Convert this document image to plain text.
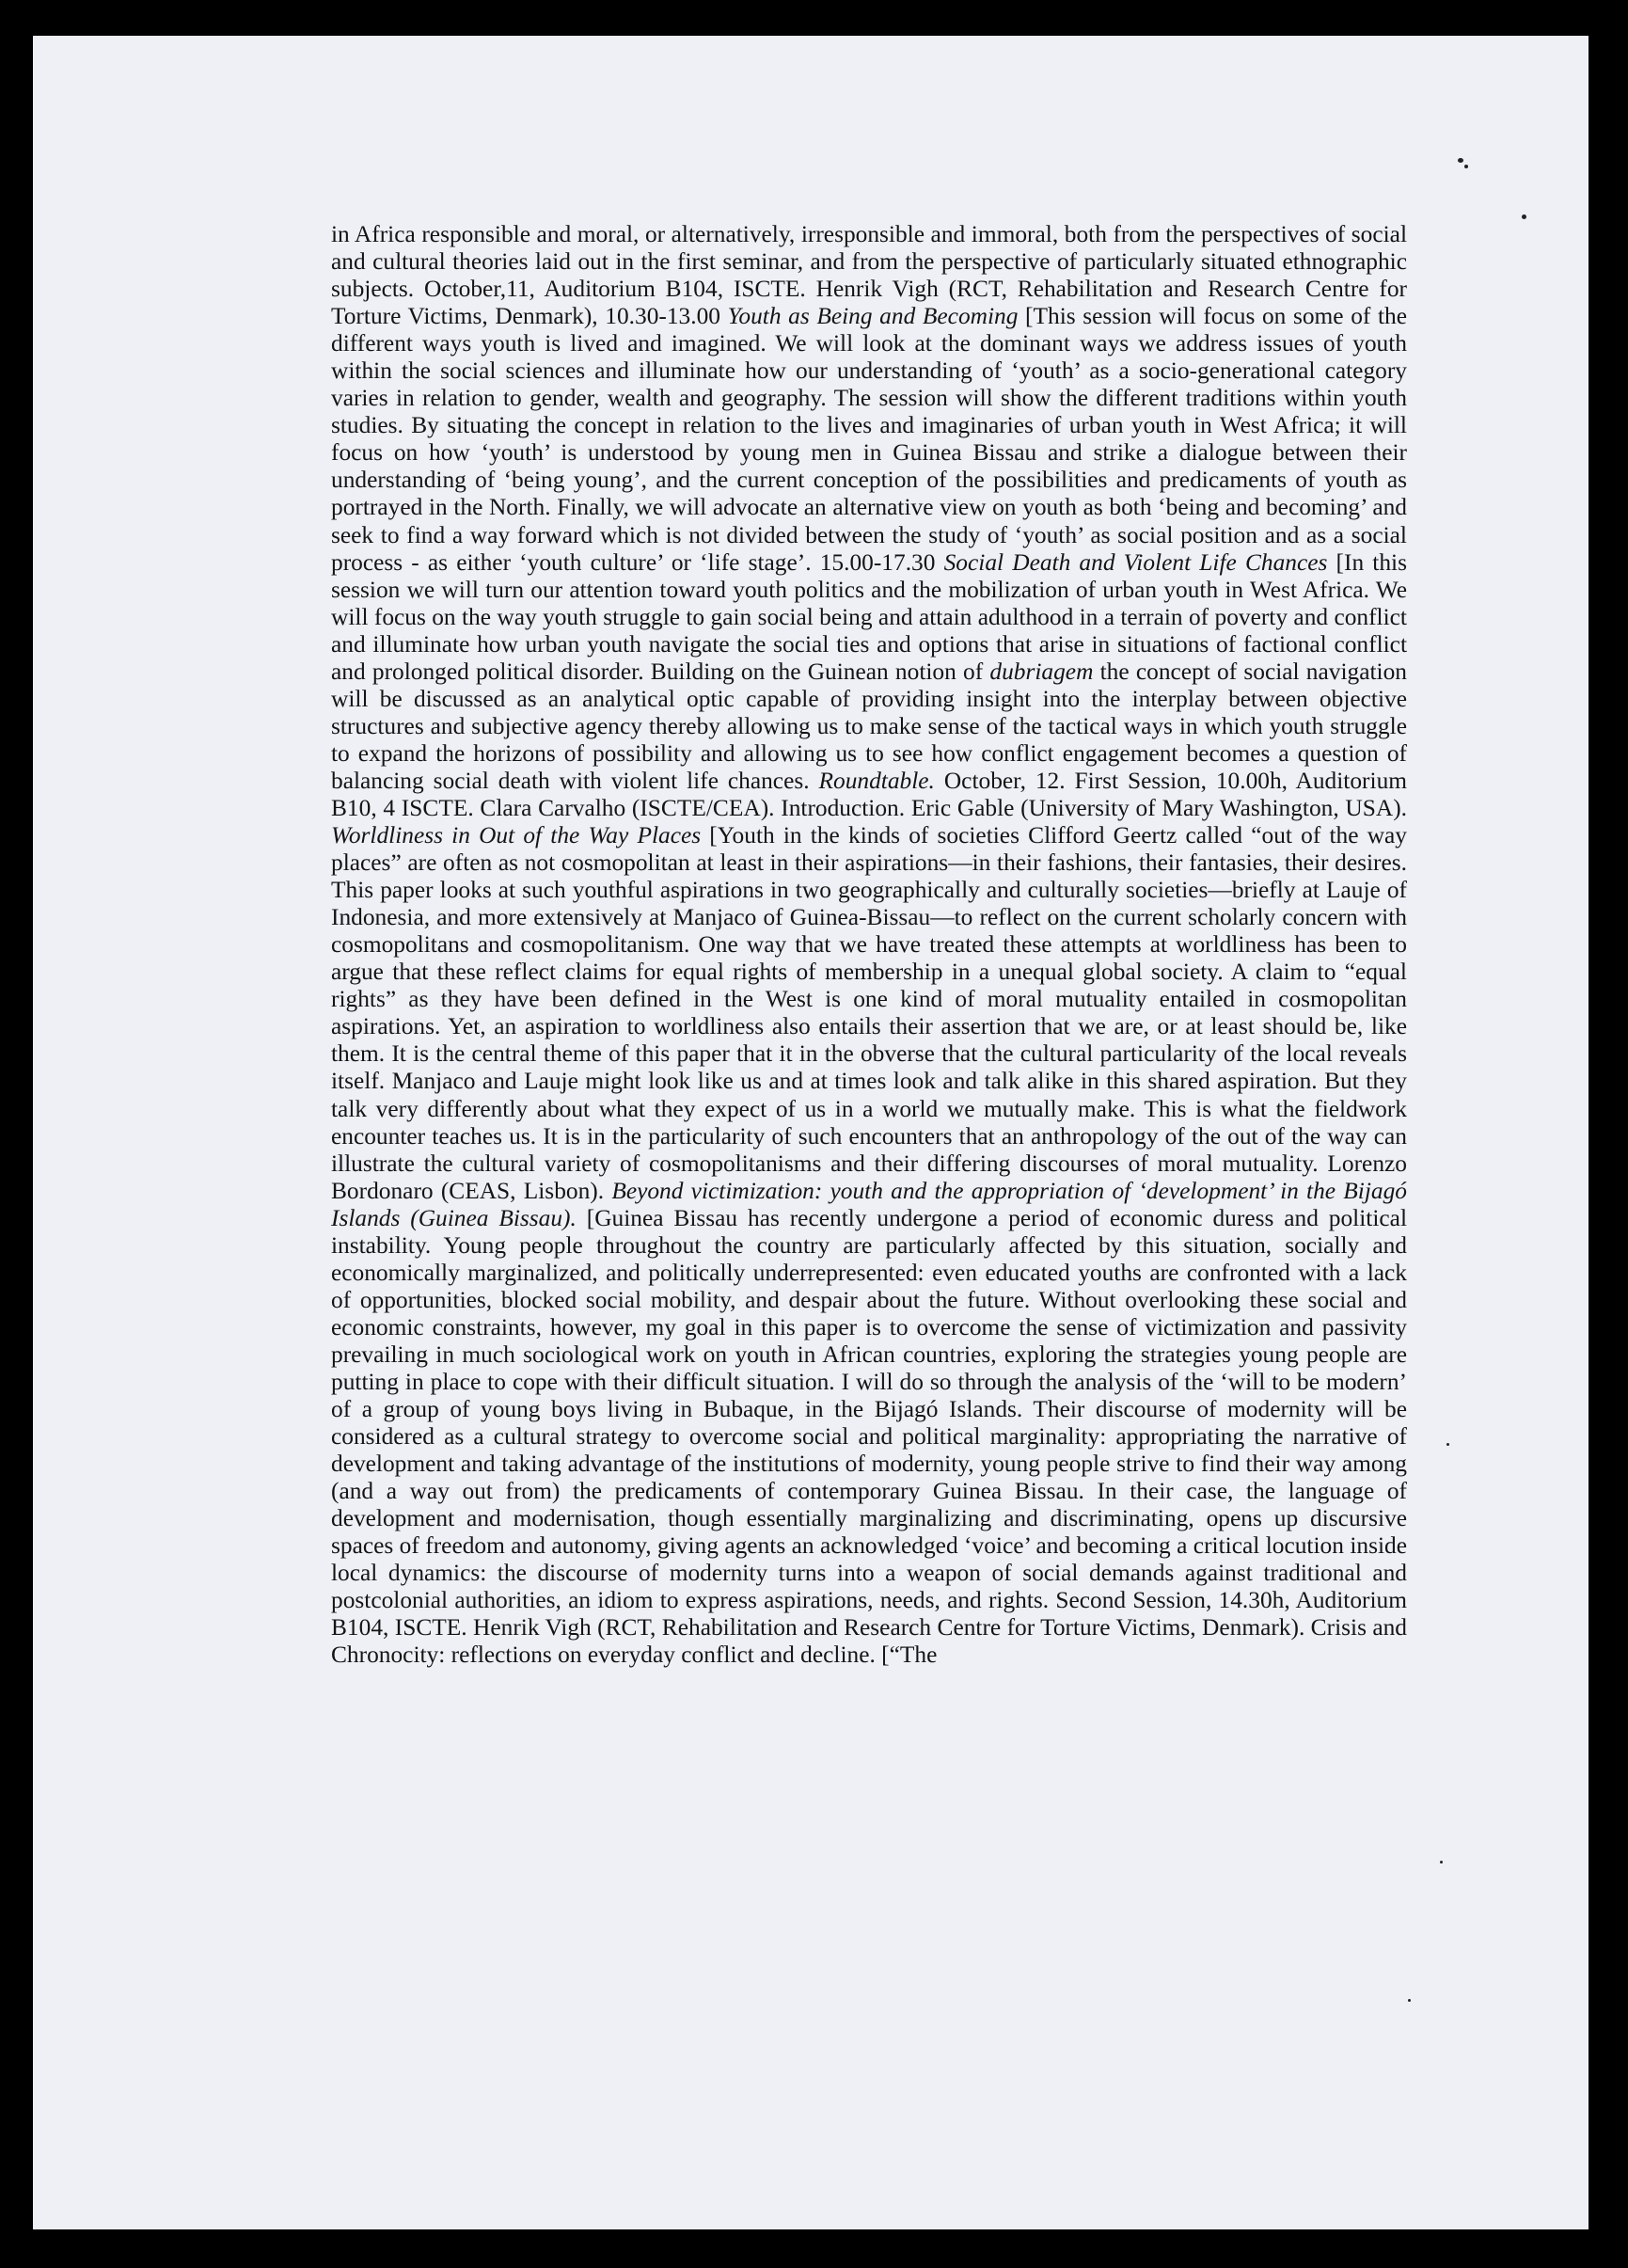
in Africa responsible and moral, or alternatively, irresponsible and immoral, both from the perspectives of social and cultural theories laid out in the first seminar, and from the perspective of particularly situated ethnographic subjects. October,11, Auditorium B104, ISCTE. Henrik Vigh (RCT, Rehabilitation and Research Centre for Torture Victims, Denmark), 10.30-13.00 Youth as Being and Becoming [This session will focus on some of the different ways youth is lived and imagined. We will look at the dominant ways we address issues of youth within the social sciences and illuminate how our understanding of ‘youth’ as a socio-generational category varies in relation to gender, wealth and geography. The session will show the different traditions within youth studies. By situating the concept in relation to the lives and imaginaries of urban youth in West Africa; it will focus on how ‘youth’ is understood by young men in Guinea Bissau and strike a dialogue between their understanding of ‘being young’, and the current conception of the possibilities and predicaments of youth as portrayed in the North. Finally, we will advocate an alternative view on youth as both ‘being and becoming’ and seek to find a way forward which is not divided between the study of ‘youth’ as social position and as a social process - as either ‘youth culture’ or ‘life stage’. 15.00-17.30 Social Death and Violent Life Chances [In this session we will turn our attention toward youth politics and the mobilization of urban youth in West Africa. We will focus on the way youth struggle to gain social being and attain adulthood in a terrain of poverty and conflict and illuminate how urban youth navigate the social ties and options that arise in situations of factional conflict and prolonged political disorder. Building on the Guinean notion of dubriagem the concept of social navigation will be discussed as an analytical optic capable of providing insight into the interplay between objective structures and subjective agency thereby allowing us to make sense of the tactical ways in which youth struggle to expand the horizons of possibility and allowing us to see how conflict engagement becomes a question of balancing social death with violent life chances. Roundtable. October, 12. First Session, 10.00h, Auditorium B10, 4 ISCTE. Clara Carvalho (ISCTE/CEA). Introduction. Eric Gable (University of Mary Washington, USA). Worldliness in Out of the Way Places [Youth in the kinds of societies Clifford Geertz called “out of the way places” are often as not cosmopolitan at least in their aspirations—in their fashions, their fantasies, their desires. This paper looks at such youthful aspirations in two geographically and culturally societies—briefly at Lauje of Indonesia, and more extensively at Manjaco of Guinea-Bissau—to reflect on the current scholarly concern with cosmopolitans and cosmopolitanism. One way that we have treated these attempts at worldliness has been to argue that these reflect claims for equal rights of membership in a unequal global society. A claim to “equal rights” as they have been defined in the West is one kind of moral mutuality entailed in cosmopolitan aspirations. Yet, an aspiration to worldliness also entails their assertion that we are, or at least should be, like them. It is the central theme of this paper that it in the obverse that the cultural particularity of the local reveals itself. Manjaco and Lauje might look like us and at times look and talk alike in this shared aspiration. But they talk very differently about what they expect of us in a world we mutually make. This is what the fieldwork encounter teaches us. It is in the particularity of such encounters that an anthropology of the out of the way can illustrate the cultural variety of cosmopolitanisms and their differing discourses of moral mutuality. Lorenzo Bordonaro (CEAS, Lisbon). Beyond victimization: youth and the appropriation of ‘development’ in the Bijagó Islands (Guinea Bissau). [Guinea Bissau has recently undergone a period of economic duress and political instability. Young people throughout the country are particularly affected by this situation, socially and economically marginalized, and politically underrepresented: even educated youths are confronted with a lack of opportunities, blocked social mobility, and despair about the future. Without overlooking these social and economic constraints, however, my goal in this paper is to overcome the sense of victimization and passivity prevailing in much sociological work on youth in African countries, exploring the strategies young people are putting in place to cope with their difficult situation. I will do so through the analysis of the ‘will to be modern’ of a group of young boys living in Bubaque, in the Bijagó Islands. Their discourse of modernity will be considered as a cultural strategy to overcome social and political marginality: appropriating the narrative of development and taking advantage of the institutions of modernity, young people strive to find their way among (and a way out from) the predicaments of contemporary Guinea Bissau. In their case, the language of development and modernisation, though essentially marginalizing and discriminating, opens up discursive spaces of freedom and autonomy, giving agents an acknowledged ‘voice’ and becoming a critical locution inside local dynamics: the discourse of modernity turns into a weapon of social demands against traditional and postcolonial authorities, an idiom to express aspirations, needs, and rights. Second Session, 14.30h, Auditorium B104, ISCTE. Henrik Vigh (RCT, Rehabilitation and Research Centre for Torture Victims, Denmark). Crisis and Chronocity: reflections on everyday conflict and decline. [“The
